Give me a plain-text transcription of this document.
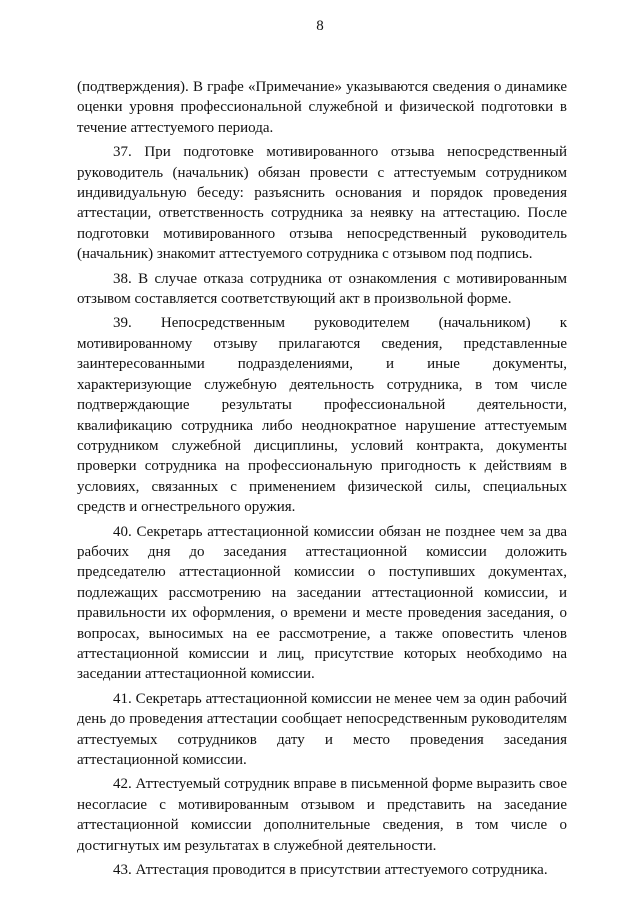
8

(подтверждения). В графе «Примечание» указываются сведения о динамике оценки уровня профессиональной служебной и физической подготовки в течение аттестуемого периода.

37. При подготовке мотивированного отзыва непосредственный руководитель (начальник) обязан провести с аттестуемым сотрудником индивидуальную беседу: разъяснить основания и порядок проведения аттестации, ответственность сотрудника за неявку на аттестацию. После подготовки мотивированного отзыва непосредственный руководитель (начальник) знакомит аттестуемого сотрудника с отзывом под подпись.

38. В случае отказа сотрудника от ознакомления с мотивированным отзывом составляется соответствующий акт в произвольной форме.

39. Непосредственным руководителем (начальником) к мотивированному отзыву прилагаются сведения, представленные заинтересованными подразделениями, и иные документы, характеризующие служебную деятельность сотрудника, в том числе подтверждающие результаты профессиональной деятельности, квалификацию сотрудника либо неоднократное нарушение аттестуемым сотрудником служебной дисциплины, условий контракта, документы проверки сотрудника на профессиональную пригодность к действиям в условиях, связанных с применением физической силы, специальных средств и огнестрельного оружия.

40. Секретарь аттестационной комиссии обязан не позднее чем за два рабочих дня до заседания аттестационной комиссии доложить председателю аттестационной комиссии о поступивших документах, подлежащих рассмотрению на заседании аттестационной комиссии, и правильности их оформления, о времени и месте проведения заседания, о вопросах, выносимых на ее рассмотрение, а также оповестить членов аттестационной комиссии и лиц, присутствие которых необходимо на заседании аттестационной комиссии.

41. Секретарь аттестационной комиссии не менее чем за один рабочий день до проведения аттестации сообщает непосредственным руководителям аттестуемых сотрудников дату и место проведения заседания аттестационной комиссии.

42. Аттестуемый сотрудник вправе в письменной форме выразить свое несогласие с мотивированным отзывом и представить на заседание аттестационной комиссии дополнительные сведения, в том числе о достигнутых им результатах в служебной деятельности.

43. Аттестация проводится в присутствии аттестуемого сотрудника.
